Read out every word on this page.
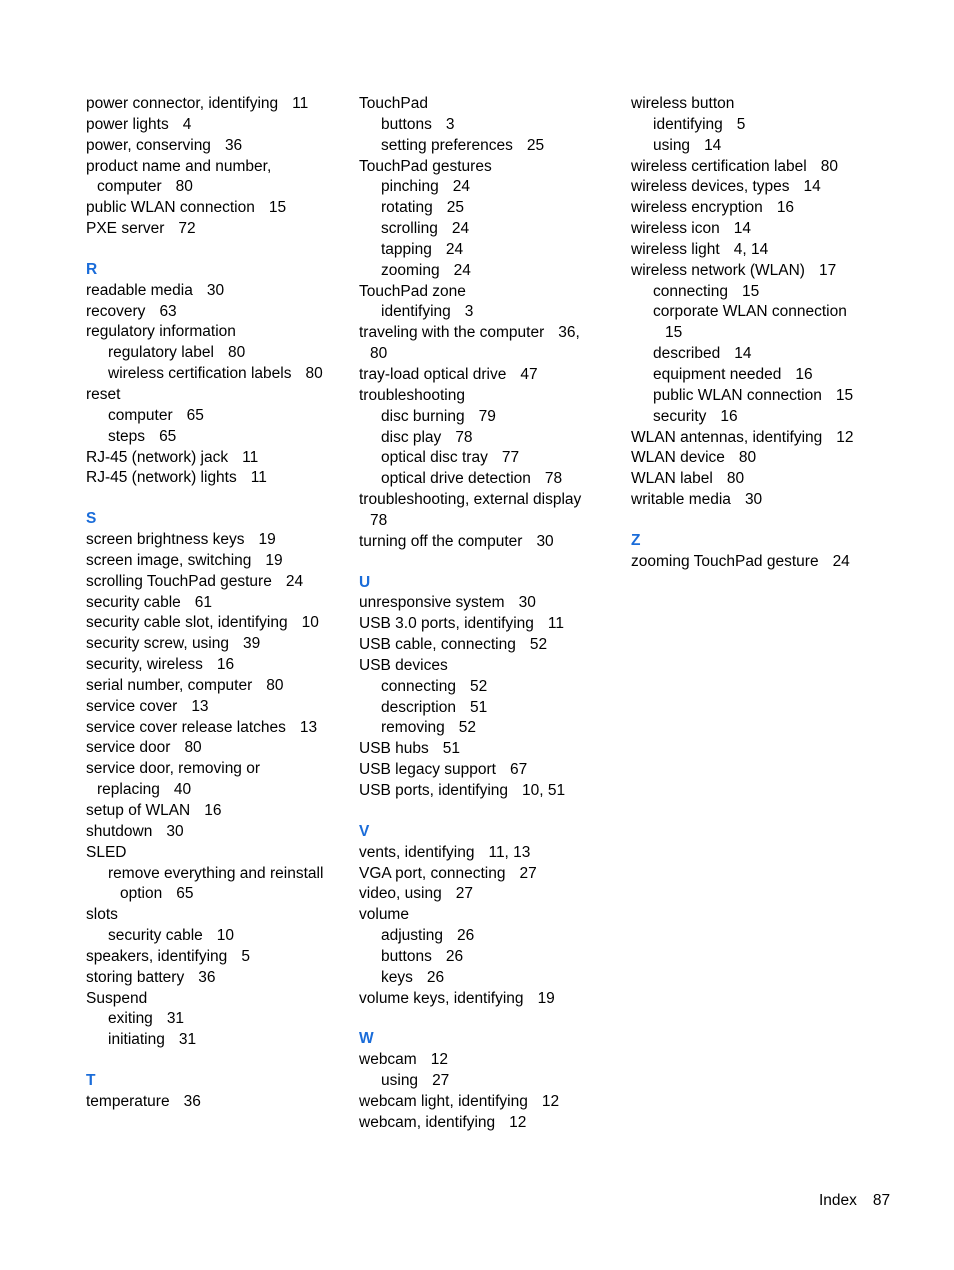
power connector, identifying 11
power lights 4
power, conserving 36
product name and number,
computer 80
public WLAN connection 15
PXE server 72
R
readable media 30
recovery 63
regulatory information
regulatory label 80
wireless certification labels 80
reset
computer 65
steps 65
RJ-45 (network) jack 11
RJ-45 (network) lights 11
S
screen brightness keys 19
screen image, switching 19
scrolling TouchPad gesture 24
security cable 61
security cable slot, identifying 10
security screw, using 39
security, wireless 16
serial number, computer 80
service cover 13
service cover release latches 13
service door 80
service door, removing or
replacing 40
setup of WLAN 16
shutdown 30
SLED
remove everything and reinstall
option 65
slots
security cable 10
speakers, identifying 5
storing battery 36
Suspend
exiting 31
initiating 31
T
temperature 36
TouchPad
buttons 3
setting preferences 25
TouchPad gestures
pinching 24
rotating 25
scrolling 24
tapping 24
zooming 24
TouchPad zone
identifying 3
traveling with the computer 36,
80
tray-load optical drive 47
troubleshooting
disc burning 79
disc play 78
optical disc tray 77
optical drive detection 78
troubleshooting, external display
78
turning off the computer 30
U
unresponsive system 30
USB 3.0 ports, identifying 11
USB cable, connecting 52
USB devices
connecting 52
description 51
removing 52
USB hubs 51
USB legacy support 67
USB ports, identifying 10, 51
V
vents, identifying 11, 13
VGA port, connecting 27
video, using 27
volume
adjusting 26
buttons 26
keys 26
volume keys, identifying 19
W
webcam 12
using 27
webcam light, identifying 12
webcam, identifying 12
wireless button
identifying 5
using 14
wireless certification label 80
wireless devices, types 14
wireless encryption 16
wireless icon 14
wireless light 4, 14
wireless network (WLAN) 17
connecting 15
corporate WLAN connection
15
described 14
equipment needed 16
public WLAN connection 15
security 16
WLAN antennas, identifying 12
WLAN device 80
WLAN label 80
writable media 30
Z
zooming TouchPad gesture 24
Index 87
